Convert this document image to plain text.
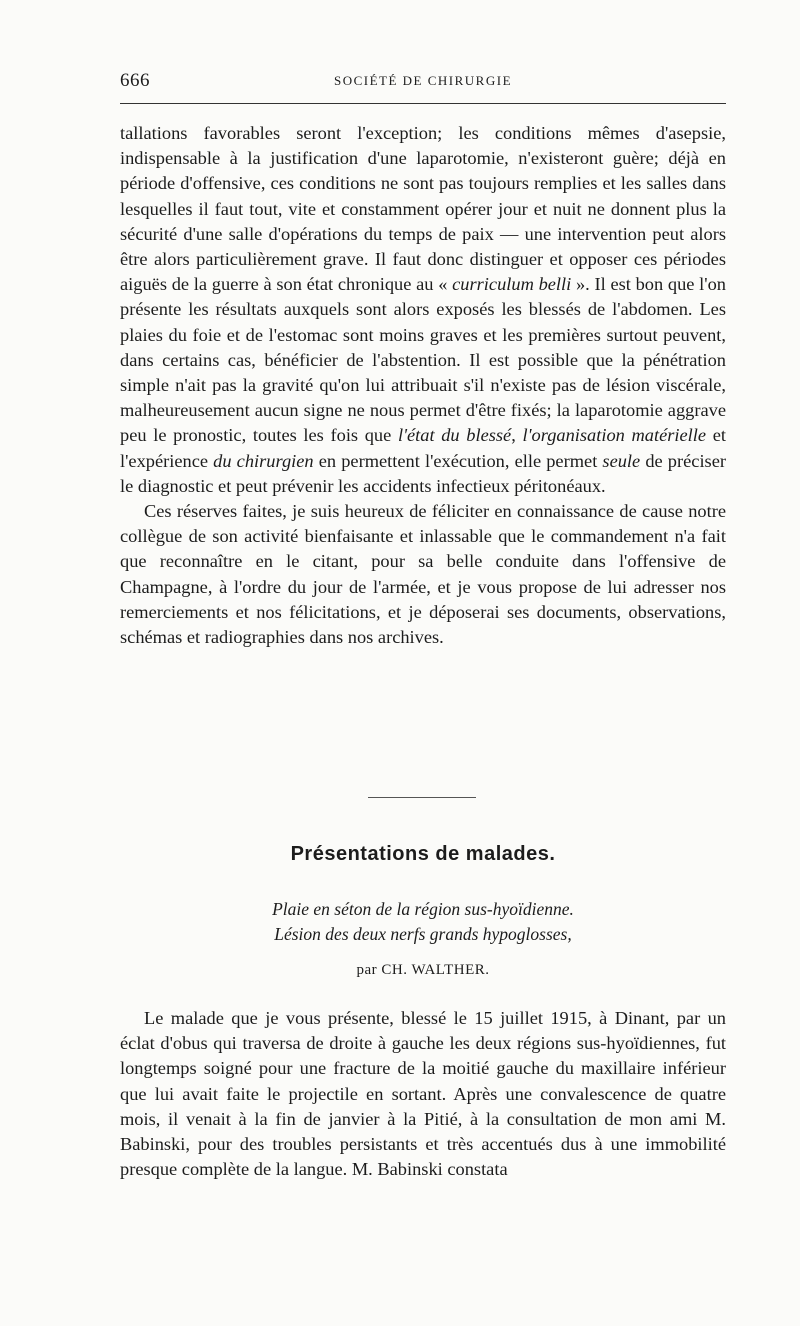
666	SOCIÉTÉ DE CHIRURGIE

tallations favorables seront l'exception; les conditions mêmes d'asepsie, indispensable à la justification d'une laparotomie, n'existeront guère; déjà en période d'offensive, ces conditions ne sont pas toujours remplies et les salles dans lesquelles il faut tout, vite et constamment opérer jour et nuit ne donnent plus la sécurité d'une salle d'opérations du temps de paix — une intervention peut alors être alors particulièrement grave. Il faut donc distinguer et opposer ces périodes aiguës de la guerre à son état chronique au « curriculum belli ». Il est bon que l'on présente les résultats auxquels sont alors exposés les blessés de l'abdomen. Les plaies du foie et de l'estomac sont moins graves et les premières surtout peuvent, dans certains cas, bénéficier de l'abstention. Il est possible que la pénétration simple n'ait pas la gravité qu'on lui attribuait s'il n'existe pas de lésion viscérale, malheureusement aucun signe ne nous permet d'être fixés; la laparotomie aggrave peu le pronostic, toutes les fois que l'état du blessé, l'organisation matérielle et l'expérience du chirurgien en permettent l'exécution, elle permet seule de préciser le diagnostic et peut prévenir les accidents infectieux péritonéaux.

Ces réserves faites, je suis heureux de féliciter en connaissance de cause notre collègue de son activité bienfaisante et inlassable que le commandement n'a fait que reconnaître en le citant, pour sa belle conduite dans l'offensive de Champagne, à l'ordre du jour de l'armée, et je vous propose de lui adresser nos remerciements et nos félicitations, et je déposerai ses documents, observations, schémas et radiographies dans nos archives.

Présentations de malades.
Plaie en séton de la région sus-hyoïdienne.
Lésion des deux nerfs grands hypoglosses,
par CH. WALTHER.

Le malade que je vous présente, blessé le 15 juillet 1915, à Dinant, par un éclat d'obus qui traversa de droite à gauche les deux régions sus-hyoïdiennes, fut longtemps soigné pour une fracture de la moitié gauche du maxillaire inférieur que lui avait faite le projectile en sortant. Après une convalescence de quatre mois, il venait à la fin de janvier à la Pitié, à la consultation de mon ami M. Babinski, pour des troubles persistants et très accentués dus à une immobilité presque complète de la langue. M. Babinski constata
